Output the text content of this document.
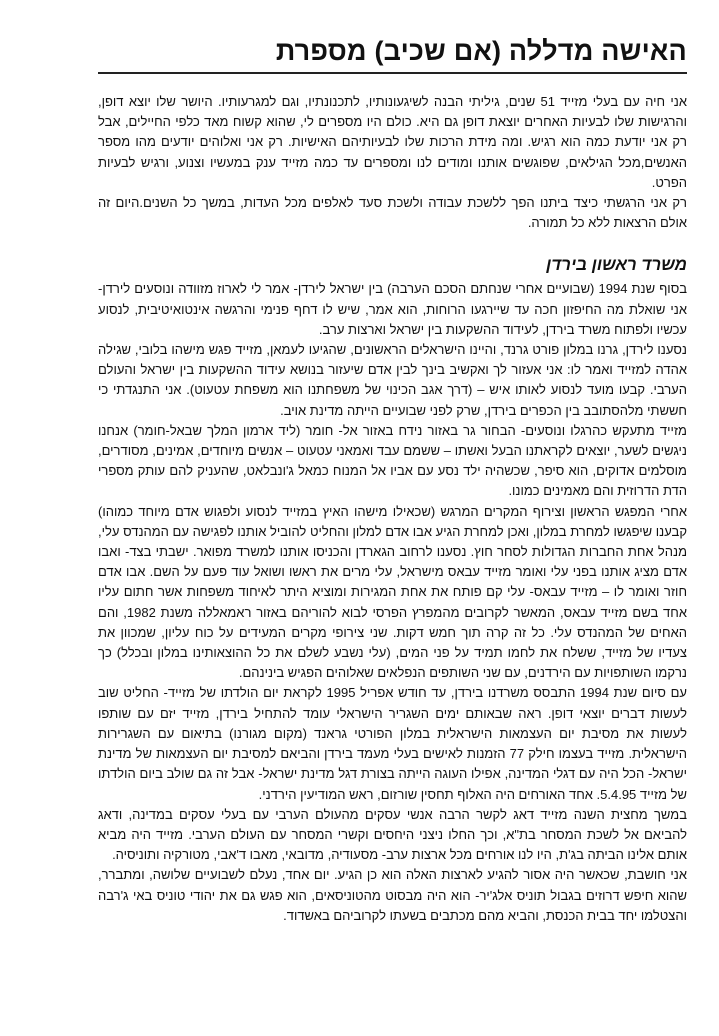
האישה מדללה (אם שכיב) מספרת

אני חיה עם בעלי מזייד 51 שנים, גיליתי הבנה לשיגעונותיו, לתכנונתיו, וגם למגרעותיו. היושר שלו יוצא דופן, והרגישות שלו לבעיות האחרים יוצאת דופן גם היא. כולם היו מספרים לי, שהוא קשוח מאד כלפי החיילים, אבל רק אני יודעת כמה הוא רגיש. ומה מידת הרכות שלו לבעיותיהם האישיות. רק אני ואלוהים יודעים מהו מספר האנשים,מכל הגילאים, שפוגשים אותנו ומודים לנו ומספרים עד כמה מזייד ענק במעשיו וצנוע, ורגיש לבעיות הפרט.

רק אני הרגשתי כיצד ביתנו הפך ללשכת עבודה ולשכת סעד לאלפים מכל העדות, במשך כל השנים.היום זה אולם הרצאות ללא כל תמורה.

משרד ראשון בירדן

בסוף שנת 1994 (שבועיים אחרי שנחתם הסכם הערבה) בין ישראל לירדן- אמר לי לארוז מזוודה ונוסעים לירדן- אני שואלת מה החיפזון חכה עד שיירגעו הרוחות, הוא אמר, שיש לו דחף פנימי והרגשה אינטואיטיבית, לנסוע עכשיו ולפתוח משרד בירדן, לעידוד ההשקעות בין ישראל וארצות ערב.

נסענו לירדן, גרנו במלון פורט גרנד, והיינו הישראלים הראשונים, שהגיעו לעמאן, מזייד פגש מישהו בלובי, שגילה אהדה למזייד ואמר לו: אני אעזור לך ואקשיב בינך לבין אדם שיעזור בנושא עידוד ההשקעות בין ישראל והעולם הערבי. קבעו מועד לנסוע לאותו איש – (דרך אגב הכינוי של משפחתנו הוא משפחת עטעוט). אני התנגדתי כי חששתי מלהסתובב בין הכפרים בירדן, שרק לפני שבועיים הייתה מדינת אויב.

מזייד מתעקש כהרגלו ונוסעים- הבחור גר באזור נידח באזור אל- חומר (ליד ארמון המלך שבאל-חומר) אנחנו ניגשים לשער, יוצאים לקראתנו הבעל ואשתו – ששמם עבד ואמאני עטעוט – אנשים מיוחדים, אמינים, מסודרים, מוסלמים אדוקים, הוא סיפר, שכשהיה ילד נסע עם אביו אל המנוח כמאל ג'ונבלאט, שהעניק להם עותק מספרי הדת הדרוזית והם מאמינים כמונו.

אחרי המפגש הראשון וצירוף המקרים המרגש (שכאילו מישהו האיץ במזייד לנסוע ולפגוש אדם מיוחד כמוהו) קבענו שיפגשו למחרת במלון, ואכן למחרת הגיע אבו אדם למלון והחליט להוביל אותנו לפגישה עם המהנדס עלי, מנהל אחת החברות הגדולות לסחר חוץ. נסענו לרחוב הגארדן והכניסו אותנו למשרד מפואר. ישבתי בצד- ואבו אדם מציג אותנו בפני עלי ואומר מזייד עבאס מישראל, עלי מרים את ראשו ושואל עוד פעם על השם. אבו אדם חוזר ואומר לו – מזייד עבאס- עלי קם פותח את אחת המגירות ומוציא היתר לאיחוד משפחות אשר חתום עליו אחד בשם מזייד עבאס, המאשר לקרובים מהמפרץ הפרסי לבוא להוריהם באזור ראמאללה משנת 1982, והם האחים של המהנדס עלי. כל זה קרה תוך חמש דקות. שני צירופי מקרים המעידים על כוח עליון, שמכוון את צעדיו של מזייד, ששלח את לחמו תמיד על פני המים, (עלי נשבע לשלם את כל ההוצאותינו במלון ובכלל) כך נרקמו השותפויות עם הירדנים, עם שני השותפים הנפלאים שאלוהים הפגיש בינינהם.

עם סיום שנת 1994 התבסס משרדנו בירדן, עד חודש אפריל 1995 לקראת יום הולדתו של מזייד- החליט שוב לעשות דברים יוצאי דופן. ראה שבאותם ימים השגריר הישראלי עומד להתחיל בירדן, מזייד יזם עם שותפו לעשות את מסיבת יום העצמאות הישראלית במלון הפורטי גראנד (מקום מגורנו) בתיאום עם השגרירות הישראלית. מזייד בעצמו חילק 77 הזמנות לאישים בעלי מעמד בירדן והביאם למסיבת יום העצמאות של מדינת ישראל- הכל היה עם דגלי המדינה, אפילו העוגה הייתה בצורת דגל מדינת ישראל- אבל זה גם שולב ביום הולדתו של מזייד 5.4.95. אחד האורחים היה האלוף תחסין שורזום, ראש המודיעין הירדני.

במשך מחצית השנה מזייד דאג לקשר הרבה אנשי עסקים מהעולם הערבי עם בעלי עסקים במדינה, ודאג להביאם אל לשכת המסחר בת"א, וכך החלו ניצני היחסים וקשרי המסחר עם העולם הערבי. מזייד היה מביא אותם אלינו הביתה בג'ת, היו לנו אורחים מכל ארצות ערב- מסעודיה, מדובאי, מאבו ד'אבי, מטורקיה ותוניסיה.

אני חושבת, שכאשר היה אסור להגיע לארצות האלה הוא כן הגיע. יום אחד, נעלם לשבועיים שלושה, ומתברר, שהוא חיפש דרוזים בגבול תוניס אלג'יר- הוא היה מבסוט מהטוניסאים, הוא פגש גם את יהודי טוניס באי ג'רבה והצטלמו יחד בבית הכנסת, והביא מהם מכתבים בשעתו לקרוביהם באשדוד.
